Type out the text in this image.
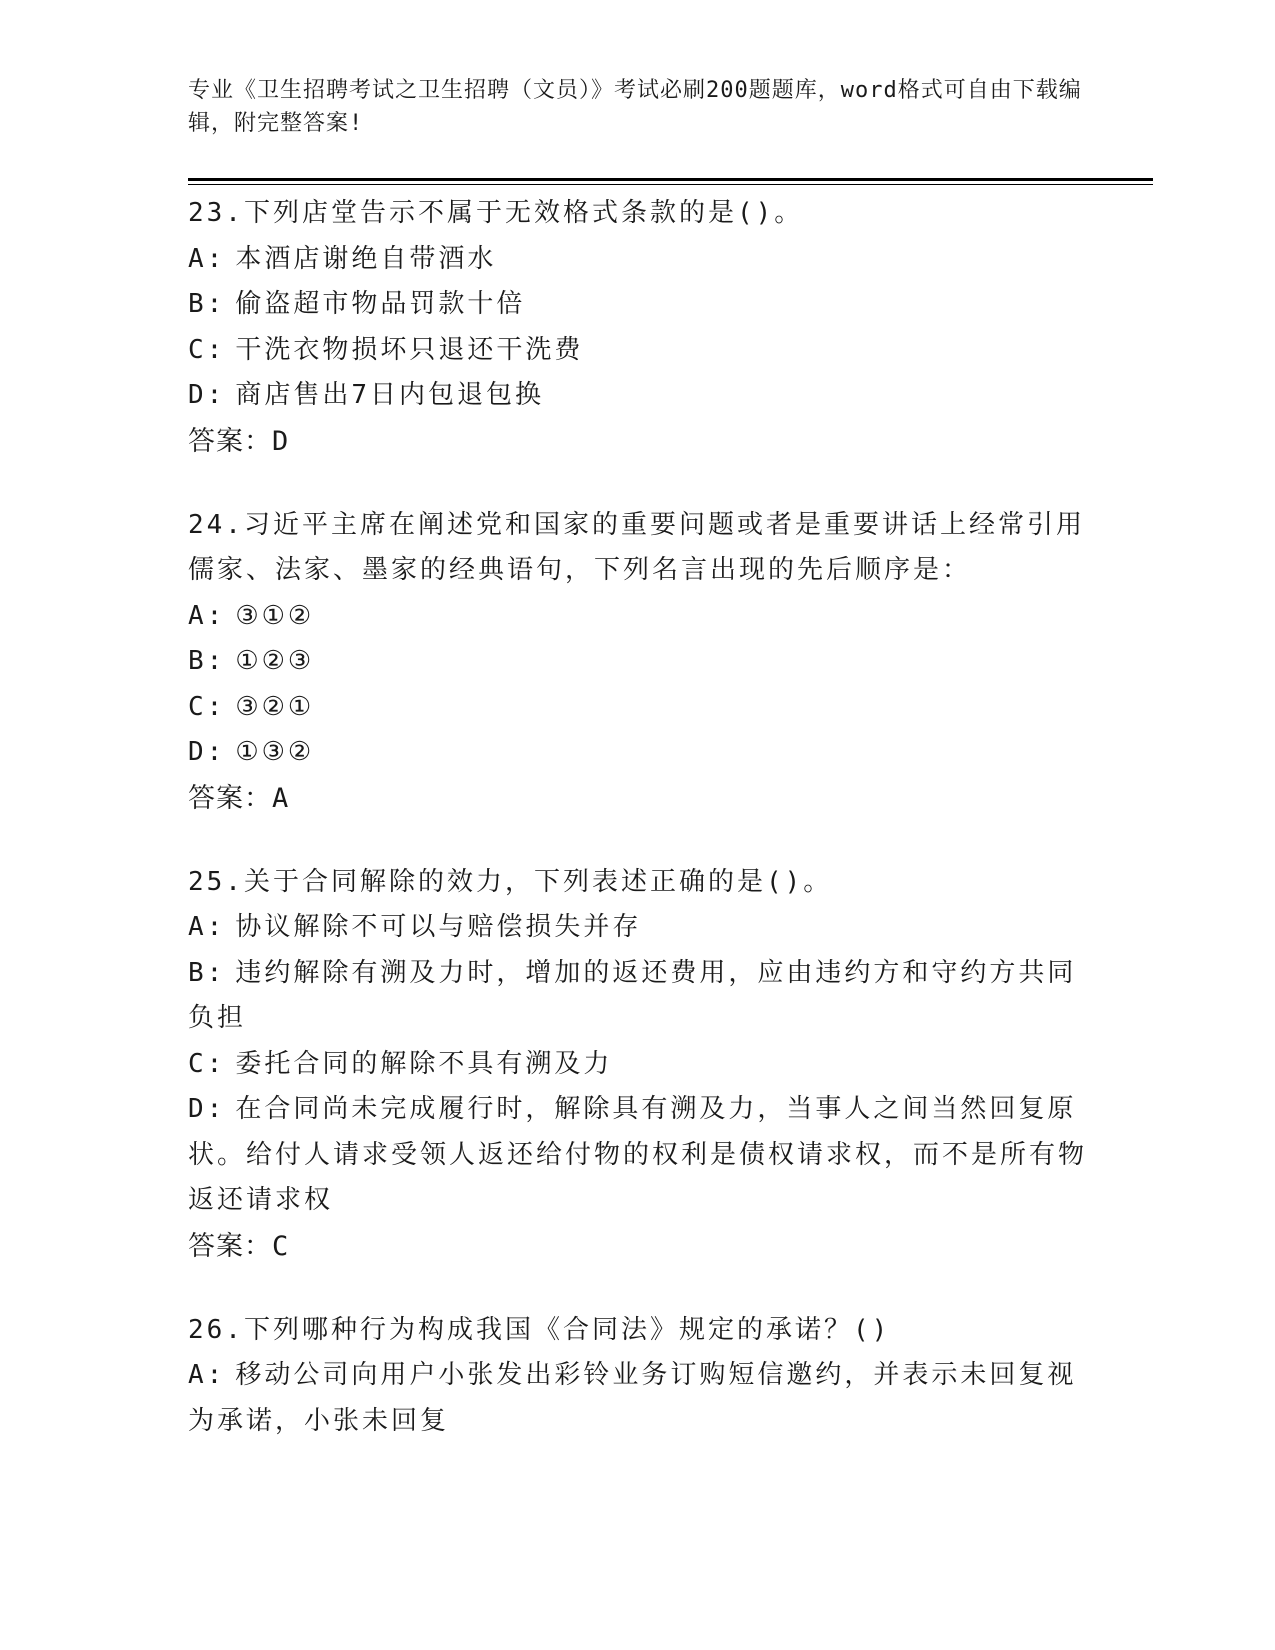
专业《卫生招聘考试之卫生招聘（文员）》考试必刷200题题库，word格式可自由下载编辑，附完整答案!

23.下列店堂告示不属于无效格式条款的是()。

A: 本酒店谢绝自带酒水

B: 偷盗超市物品罚款十倍

C: 干洗衣物损坏只退还干洗费

D: 商店售出7日内包退包换

答案：D

24.习近平主席在阐述党和国家的重要问题或者是重要讲话上经常引用儒家、法家、墨家的经典语句，下列名言出现的先后顺序是：

A: ③①②

B: ①②③

C: ③②①

D: ①③②

答案：A

25.关于合同解除的效力，下列表述正确的是()。

A: 协议解除不可以与赔偿损失并存

B: 违约解除有溯及力时，增加的返还费用，应由违约方和守约方共同负担

C: 委托合同的解除不具有溯及力

D: 在合同尚未完成履行时，解除具有溯及力，当事人之间当然回复原状。给付人请求受领人返还给付物的权利是债权请求权，而不是所有物返还请求权

答案：C

26.下列哪种行为构成我国《合同法》规定的承诺？()

A: 移动公司向用户小张发出彩铃业务订购短信邀约，并表示未回复视为承诺，小张未回复
